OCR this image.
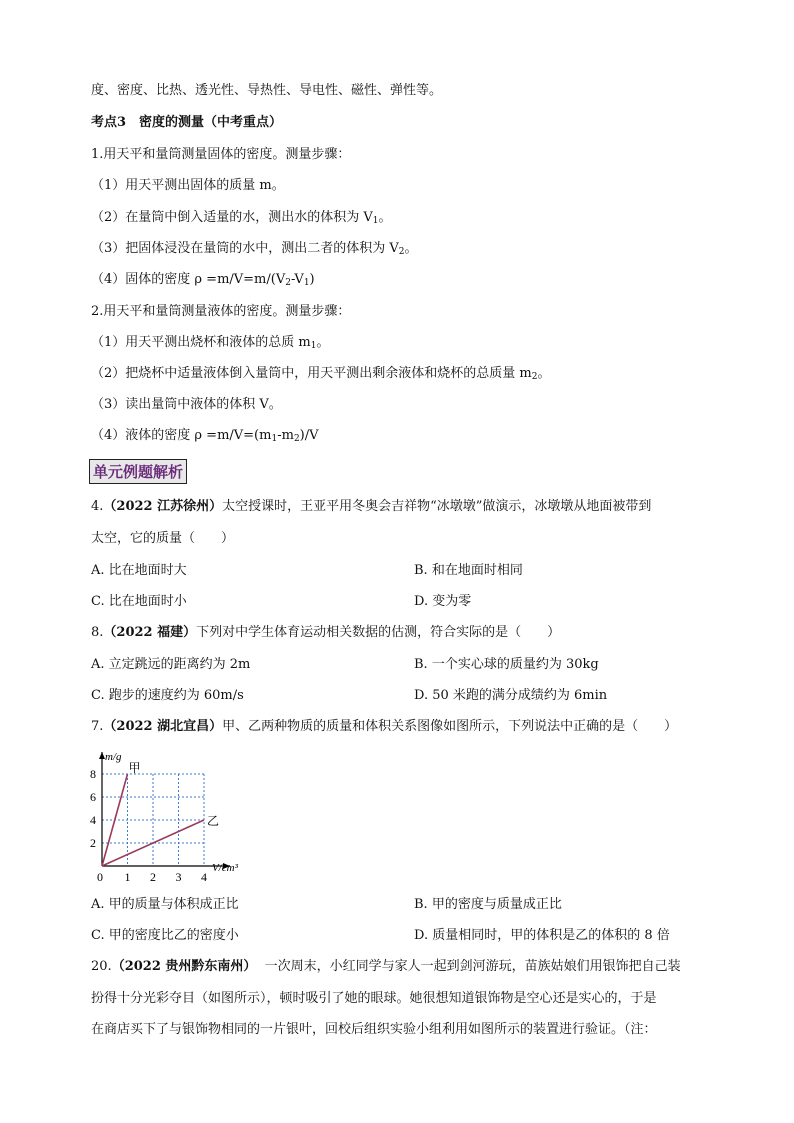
度、密度、比热、透光性、导热性、导电性、磁性、弹性等。
考点3　密度的测量（中考重点）
1.用天平和量筒测量固体的密度。测量步骤：
（1）用天平测出固体的质量 m。
（2）在量筒中倒入适量的水，测出水的体积为 $V_1$。
（3）把固体浸没在量筒的水中，测出二者的体积为 $V_2$。
（4）固体的密度 $\rho =m/V=m/(V_2-V_1)$
2.用天平和量筒测量液体的密度。测量步骤：
（1）用天平测出烧杯和液体的总质 $m_1$。
（2）把烧杯中适量液体倒入量筒中，用天平测出剩余液体和烧杯的总质量 $m_2$。
（3）读出量筒中液体的体积 V。
（4）液体的密度 $\rho =m/V=(m_1-m_2)/V$
单元例题解析
4.（2022 江苏徐州）太空授课时，王亚平用冬奥会吉祥物“冰墩墩”做演示，冰墩墩从地面被带到
太空，它的质量（　　）
A. 比在地面时大	B. 和在地面时相同
C. 比在地面时小	D. 变为零
8.（2022 福建）下列对中学生体育运动相关数据的估测，符合实际的是（　　）
A. 立定跳远的距离约为 2m	B. 一个实心球的质量约为 30kg
C. 跑步的速度约为 60m/s	D. 50 米跑的满分成绩约为 6min
7.（2022 湖北宜昌）甲、乙两种物质的质量和体积关系图像如图所示，下列说法中正确的是（　　）
0 1 2 3 4
2
4
6
8
m/g
V/cm³
甲
乙
A. 甲的质量与体积成正比	B. 甲的密度与质量成正比
C. 甲的密度比乙的密度小	D. 质量相同时，甲的体积是乙的体积的 8 倍
20.（2022 贵州黔东南州） 一次周末，小红同学与家人一起到剑河游玩，苗族姑娘们用银饰把自己装
扮得十分光彩夺目（如图所示），顿时吸引了她的眼球。她很想知道银饰物是空心还是实心的，于是
在商店买下了与银饰物相同的一片银叶，回校后组织实验小组利用如图所示的装置进行验证。（注：
